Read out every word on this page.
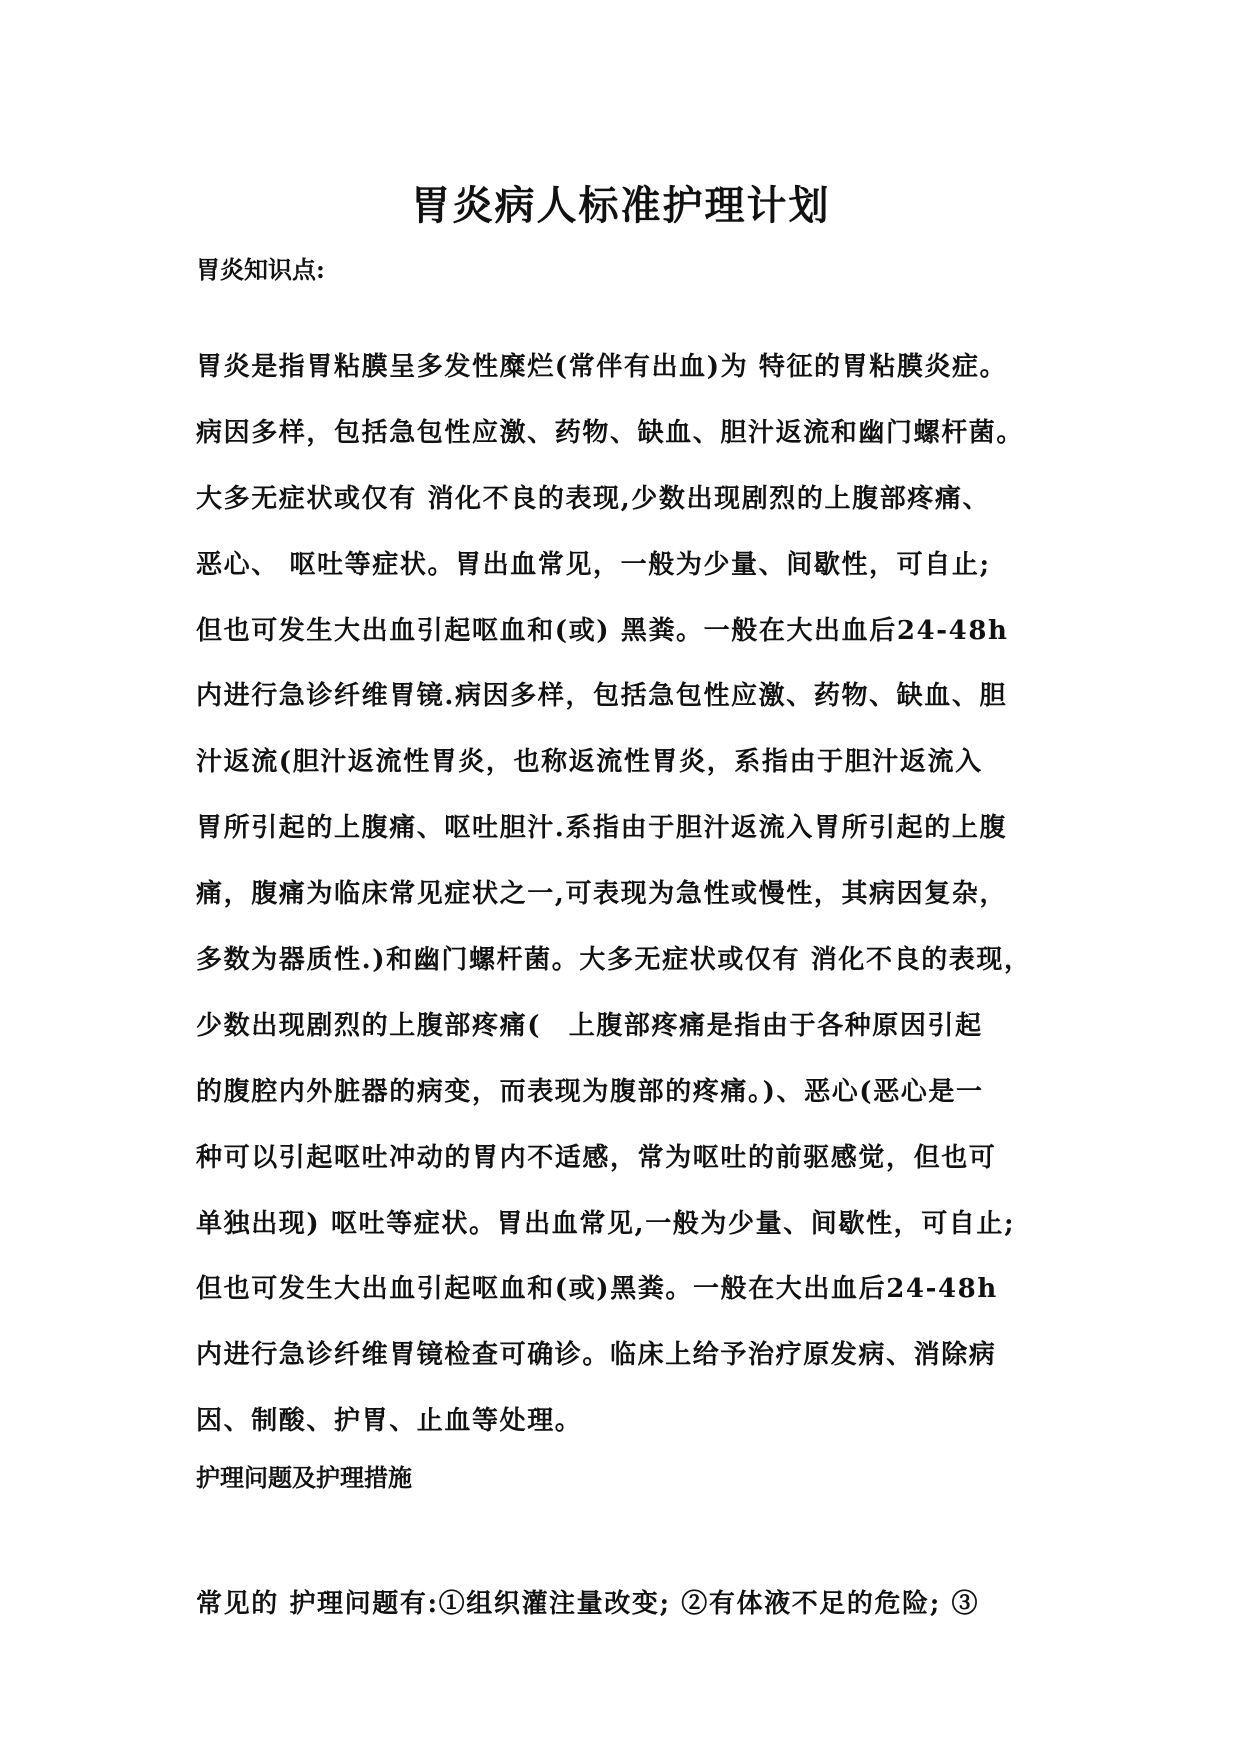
胃炎病人标准护理计划

胃炎知识点:

胃炎是指胃粘膜呈多发性糜烂(常伴有出血)为 特征的胃粘膜炎症。
病因多样，包括急包性应激、药物、缺血、胆汁返流和幽门螺杆菌。
大多无症状或仅有 消化不良的表现,少数出现剧烈的上腹部疼痛、
恶心、 呕吐等症状。胃出血常见，一般为少量、间歇性，可自止;
但也可发生大出血引起呕血和(或) 黑粪。一般在大出血后24-48h
内进行急诊纤维胃镜.病因多样，包括急包性应激、药物、缺血、胆
汁返流(胆汁返流性胃炎，也称返流性胃炎，系指由于胆汁返流入
胃所引起的上腹痛、呕吐胆汁.系指由于胆汁返流入胃所引起的上腹
痛，腹痛为临床常见症状之一,可表现为急性或慢性，其病因复杂，
多数为器质性.)和幽门螺杆菌。大多无症状或仅有 消化不良的表现，
少数出现剧烈的上腹部疼痛(　上腹部疼痛是指由于各种原因引起
的腹腔内外脏器的病变，而表现为腹部的疼痛。)、恶心(恶心是一
种可以引起呕吐冲动的胃内不适感，常为呕吐的前驱感觉，但也可
单独出现) 呕吐等症状。胃出血常见,一般为少量、间歇性，可自止;
但也可发生大出血引起呕血和(或)黑粪。一般在大出血后24-48h
内进行急诊纤维胃镜检查可确诊。临床上给予治疗原发病、消除病
因、制酸、护胃、止血等处理。

护理问题及护理措施

常见的 护理问题有:①组织灌注量改变; ②有体液不足的危险; ③
